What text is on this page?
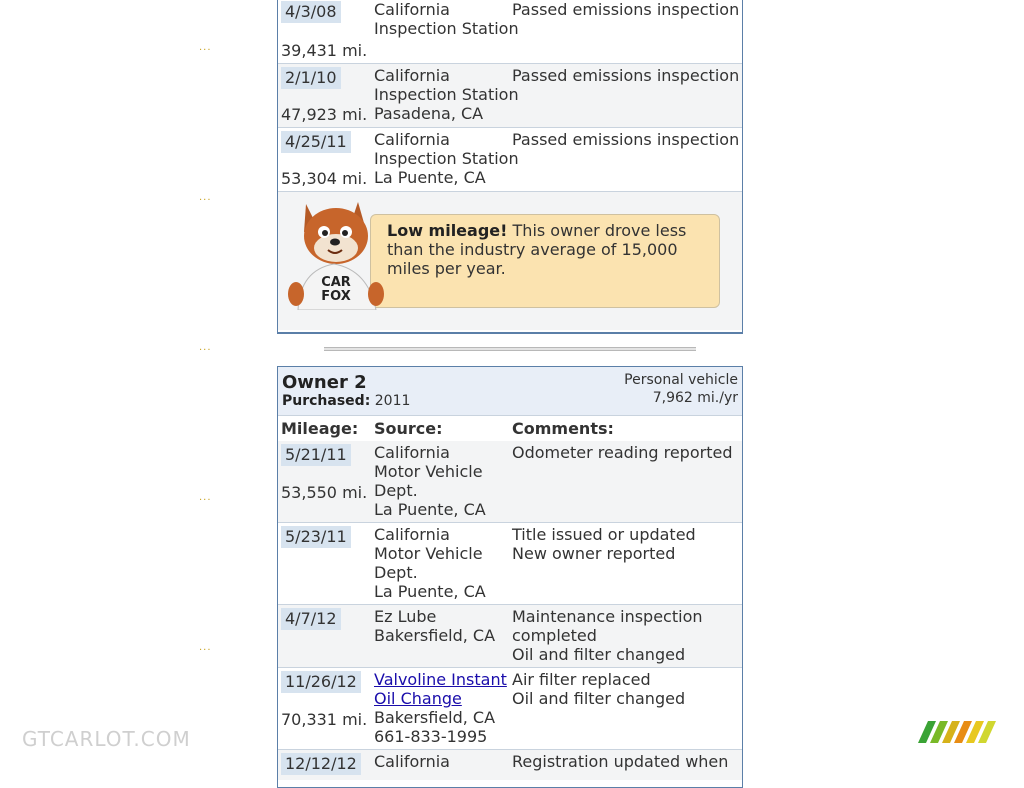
···
···
···
···
···
4/3/08
39,431 mi.
California
Inspection Station
Passed emissions inspection
2/1/10
47,923 mi.
California
Inspection Station
Pasadena, CA
Passed emissions inspection
4/25/11
53,304 mi.
California
Inspection Station
La Puente, CA
Passed emissions inspection
Low mileage! This owner drove less than the industry average of 15,000 miles per year.
CAR
FOX
Owner 2
Purchased: 2011
Personal vehicle
7,962 mi./yr
Mileage: Source:	Comments:
5/21/11
53,550 mi.
California
Motor Vehicle
Dept.
La Puente, CA
Odometer reading reported
5/23/11 California
Motor Vehicle
Dept.
La Puente, CA
Title issued or updated
New owner reported
4/7/12 Ez Lube
Bakersfield, CA
Maintenance inspection
completed
Oil and filter changed
11/26/12
70,331 mi.
Valvoline Instant
Oil Change
Bakersfield, CA
661-833-1995
Air filter replaced
Oil and filter changed
12/12/12 California	Registration updated when
GTCARLOT.COM
